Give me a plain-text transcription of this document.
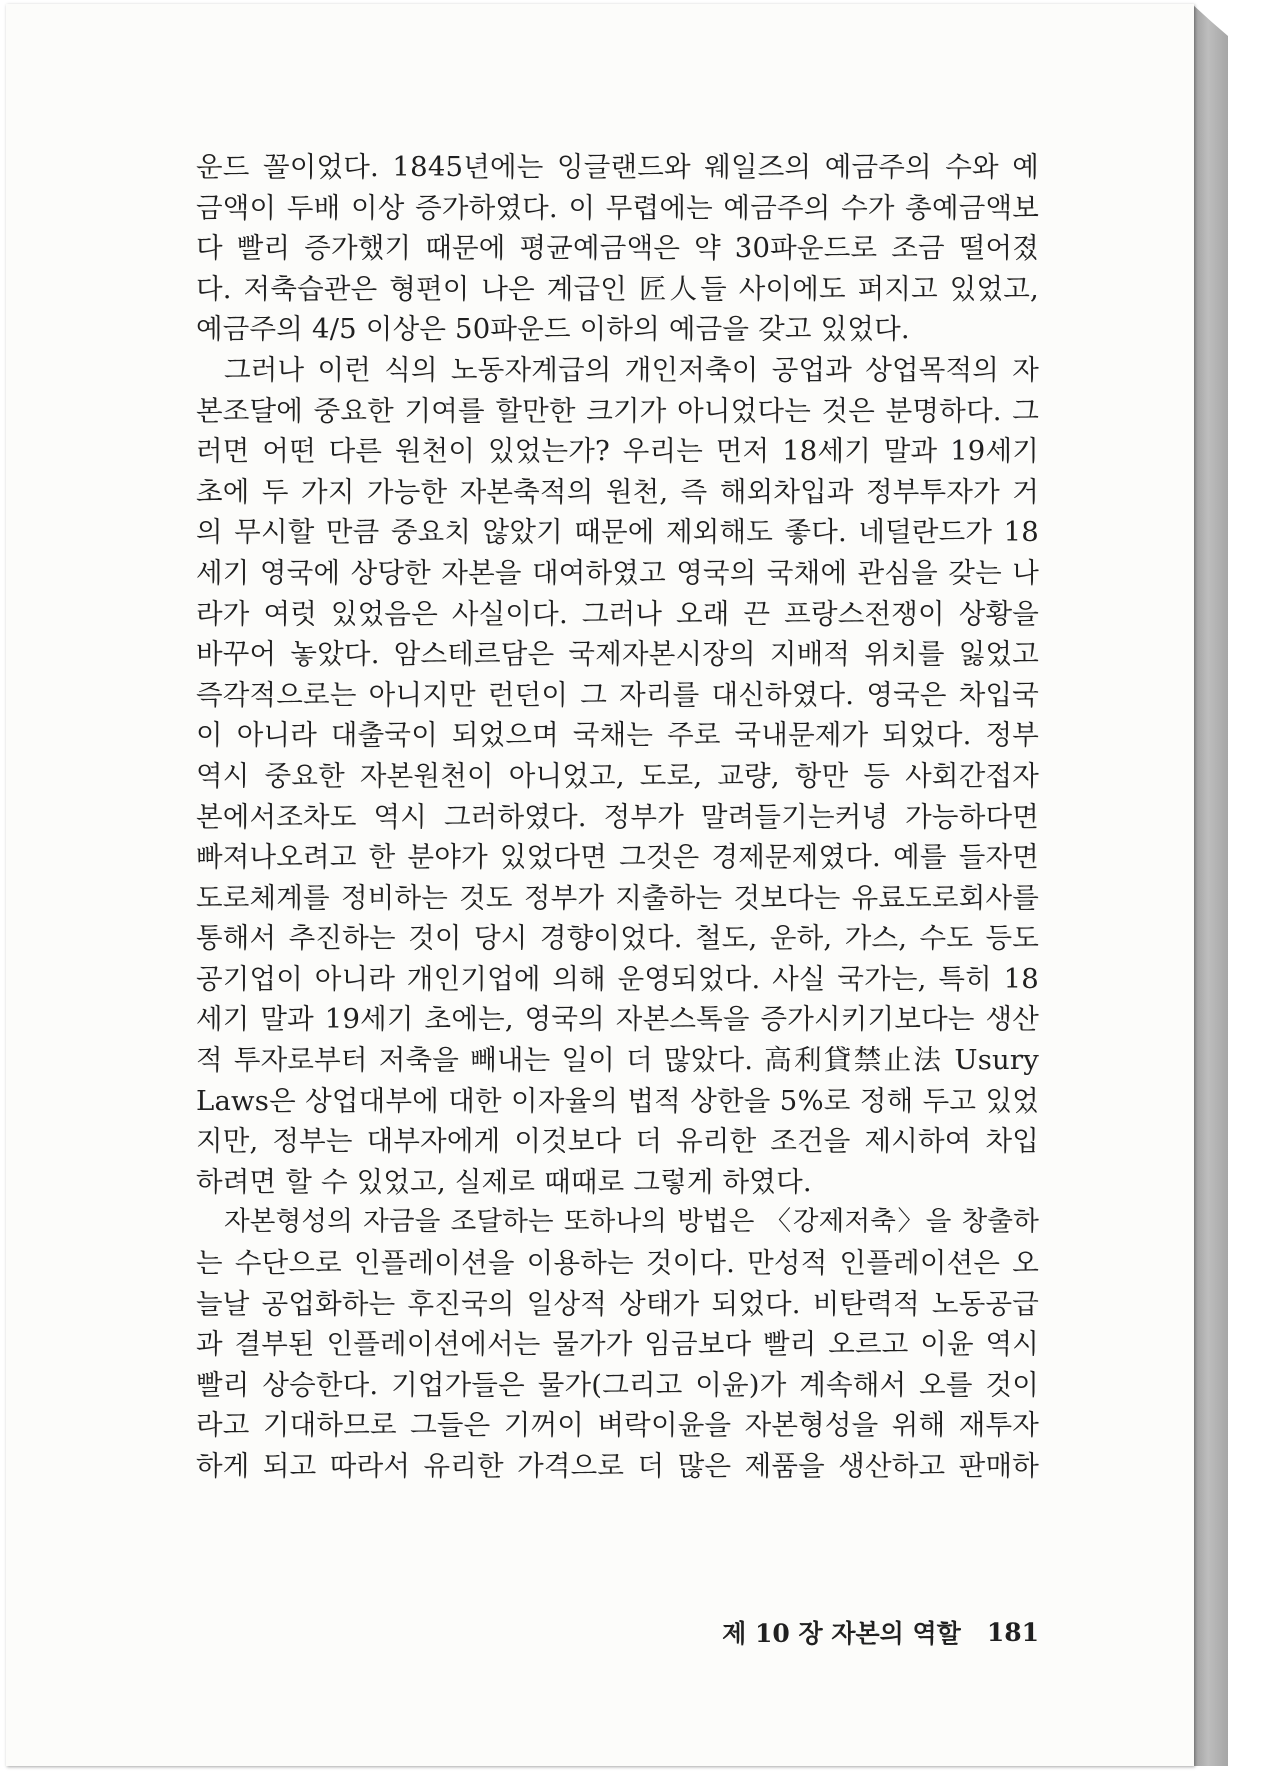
운드 꼴이었다. 1845년에는 잉글랜드와 웨일즈의 예금주의 수와 예
금액이 두배 이상 증가하였다. 이 무렵에는 예금주의 수가 총예금액보
다 빨리 증가했기 때문에 평균예금액은 약 30파운드로 조금 떨어졌
다. 저축습관은 형편이 나은 계급인 匠人들 사이에도 퍼지고 있었고,
예금주의 4/5 이상은 50파운드 이하의 예금을 갖고 있었다.
그러나 이런 식의 노동자계급의 개인저축이 공업과 상업목적의 자
본조달에 중요한 기여를 할만한 크기가 아니었다는 것은 분명하다. 그
러면 어떤 다른 원천이 있었는가? 우리는 먼저 18세기 말과 19세기
초에 두 가지 가능한 자본축적의 원천, 즉 해외차입과 정부투자가 거
의 무시할 만큼 중요치 않았기 때문에 제외해도 좋다. 네덜란드가 18
세기 영국에 상당한 자본을 대여하였고 영국의 국채에 관심을 갖는 나
라가 여럿 있었음은 사실이다. 그러나 오래 끈 프랑스전쟁이 상황을
바꾸어 놓았다. 암스테르담은 국제자본시장의 지배적 위치를 잃었고
즉각적으로는 아니지만 런던이 그 자리를 대신하였다. 영국은 차입국
이 아니라 대출국이 되었으며 국채는 주로 국내문제가 되었다. 정부
역시 중요한 자본원천이 아니었고, 도로, 교량, 항만 등 사회간접자
본에서조차도 역시 그러하였다. 정부가 말려들기는커녕 가능하다면
빠져나오려고 한 분야가 있었다면 그것은 경제문제였다. 예를 들자면
도로체계를 정비하는 것도 정부가 지출하는 것보다는 유료도로회사를
통해서 추진하는 것이 당시 경향이었다. 철도, 운하, 가스, 수도 등도
공기업이 아니라 개인기업에 의해 운영되었다. 사실 국가는, 특히 18
세기 말과 19세기 초에는, 영국의 자본스톡을 증가시키기보다는 생산
적 투자로부터 저축을 빼내는 일이 더 많았다. 高利貸禁止法 Usury
Laws은 상업대부에 대한 이자율의 법적 상한을 5%로 정해 두고 있었
지만, 정부는 대부자에게 이것보다 더 유리한 조건을 제시하여 차입
하려면 할 수 있었고, 실제로 때때로 그렇게 하였다.
자본형성의 자금을 조달하는 또하나의 방법은 〈강제저축〉을 창출하
는 수단으로 인플레이션을 이용하는 것이다. 만성적 인플레이션은 오
늘날 공업화하는 후진국의 일상적 상태가 되었다. 비탄력적 노동공급
과 결부된 인플레이션에서는 물가가 임금보다 빨리 오르고 이윤 역시
빨리 상승한다. 기업가들은 물가(그리고 이윤)가 계속해서 오를 것이
라고 기대하므로 그들은 기꺼이 벼락이윤을 자본형성을 위해 재투자
하게 되고 따라서 유리한 가격으로 더 많은 제품을 생산하고 판매하
제 10 장 자본의 역할 181
